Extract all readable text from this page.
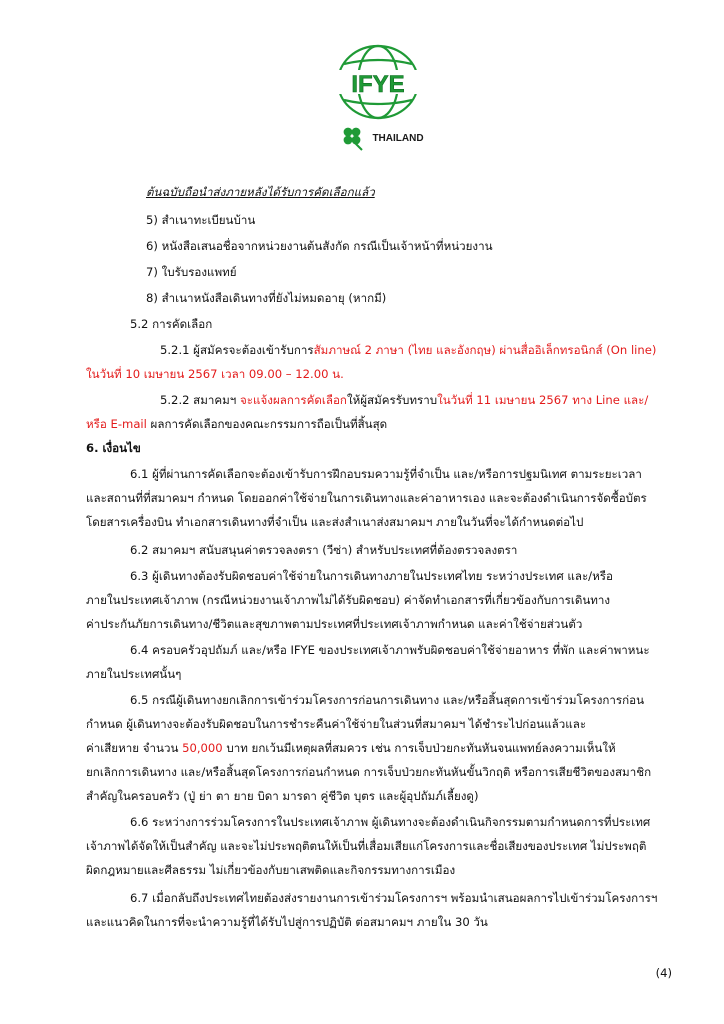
IFYE
THAILAND
ต้นฉบับถือนำส่งภายหลังได้รับการคัดเลือกแล้ว
5) สำเนาทะเบียนบ้าน
6) หนังสือเสนอชื่อจากหน่วยงานต้นสังกัด กรณีเป็นเจ้าหน้าที่หน่วยงาน
7) ใบรับรองแพทย์
8) สำเนาหนังสือเดินทางที่ยังไม่หมดอายุ (หากมี)
5.2 การคัดเลือก
5.2.1 ผู้สมัครจะต้องเข้ารับการสัมภาษณ์ 2 ภาษา (ไทย และอังกฤษ) ผ่านสื่ออิเล็กทรอนิกส์ (On line)
ในวันที่ 10 เมษายน 2567 เวลา 09.00 – 12.00 น.
5.2.2 สมาคมฯ จะแจ้งผลการคัดเลือกให้ผู้สมัครรับทราบในวันที่ 11 เมษายน 2567 ทาง Line และ/
หรือ E-mail ผลการคัดเลือกของคณะกรรมการถือเป็นที่สิ้นสุด
6. เงื่อนไข
6.1 ผู้ที่ผ่านการคัดเลือกจะต้องเข้ารับการฝึกอบรมความรู้ที่จำเป็น และ/หรือการปฐมนิเทศ ตามระยะเวลา
และสถานที่ที่สมาคมฯ กำหนด โดยออกค่าใช้จ่ายในการเดินทางและค่าอาหารเอง และจะต้องดำเนินการจัดซื้อบัตร
โดยสารเครื่องบิน ทำเอกสารเดินทางที่จำเป็น และส่งสำเนาส่งสมาคมฯ ภายในวันที่จะได้กำหนดต่อไป
6.2 สมาคมฯ สนับสนุนค่าตรวจลงตรา (วีซ่า) สำหรับประเทศที่ต้องตรวจลงตรา
6.3 ผู้เดินทางต้องรับผิดชอบค่าใช้จ่ายในการเดินทางภายในประเทศไทย ระหว่างประเทศ และ/หรือ
ภายในประเทศเจ้าภาพ (กรณีหน่วยงานเจ้าภาพไม่ได้รับผิดชอบ) ค่าจัดทำเอกสารที่เกี่ยวข้องกับการเดินทาง
ค่าประกันภัยการเดินทาง/ชีวิตและสุขภาพตามประเทศที่ประเทศเจ้าภาพกำหนด และค่าใช้จ่ายส่วนตัว
6.4 ครอบครัวอุปถัมภ์ และ/หรือ IFYE ของประเทศเจ้าภาพรับผิดชอบค่าใช้จ่ายอาหาร ที่พัก และค่าพาหนะ
ภายในประเทศนั้นๆ
6.5 กรณีผู้เดินทางยกเลิกการเข้าร่วมโครงการก่อนการเดินทาง และ/หรือสิ้นสุดการเข้าร่วมโครงการก่อน
กำหนด ผู้เดินทางจะต้องรับผิดชอบในการชำระคืนค่าใช้จ่ายในส่วนที่สมาคมฯ ได้ชำระไปก่อนแล้วและ
ค่าเสียหาย จำนวน 50,000 บาท ยกเว้นมีเหตุผลที่สมควร เช่น การเจ็บป่วยกะทันหันจนแพทย์ลงความเห็นให้
ยกเลิกการเดินทาง และ/หรือสิ้นสุดโครงการก่อนกำหนด การเจ็บป่วยกะทันหันขั้นวิกฤติ หรือการเสียชีวิตของสมาชิก
สำคัญในครอบครัว (ปู่ ย่า ตา ยาย บิดา มารดา คู่ชีวิต บุตร และผู้อุปถัมภ์เลี้ยงดู)
6.6 ระหว่างการร่วมโครงการในประเทศเจ้าภาพ ผู้เดินทางจะต้องดำเนินกิจกรรมตามกำหนดการที่ประเทศ
เจ้าภาพได้จัดให้เป็นสำคัญ และจะไม่ประพฤติตนให้เป็นที่เสื่อมเสียแก่โครงการและชื่อเสียงของประเทศ ไม่ประพฤติ
ผิดกฎหมายและศีลธรรม ไม่เกี่ยวข้องกับยาเสพติดและกิจกรรมทางการเมือง
6.7 เมื่อกลับถึงประเทศไทยต้องส่งรายงานการเข้าร่วมโครงการฯ พร้อมนำเสนอผลการไปเข้าร่วมโครงการฯ
และแนวคิดในการที่จะนำความรู้ที่ได้รับไปสู่การปฏิบัติ ต่อสมาคมฯ ภายใน 30 วัน
(4)
